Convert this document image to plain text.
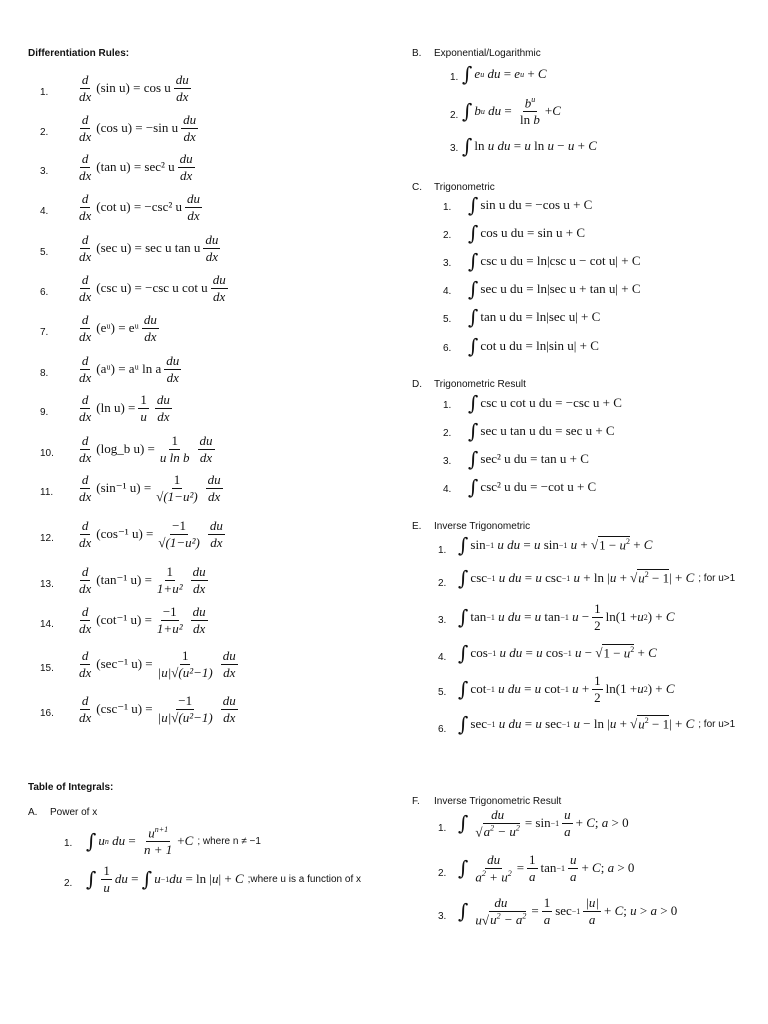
Differentiation Rules:
1. $\frac{d}{dx} (\sin$ u) = cos u $\frac{du}{dx}$
2. $\frac{d}{dx} (\cos$ u) = −sin u $\frac{du}{dx}$
3. $\frac{d}{dx} (\tan$ u) = sec² u $\frac{du}{dx}$
4. $\frac{d}{dx} (\cot$ u) = −csc² u $\frac{du}{dx}$
5. $\frac{d}{dx} (\sec$ u) = sec u tan u $\frac{du}{dx}$
6. $\frac{d}{dx} (\csc$ u) = −csc u cot u $\frac{du}{dx}$
7. $\frac{d}{dx}$ (eᵘ) = eᵘ $\frac{du}{dx}$
8. $\frac{d}{dx}$ (aᵘ) = aᵘ ln a $\frac{du}{dx}$
9. $\frac{d}{dx} (\ln$ $u) = \frac{1}{u} \frac{du}{dx}$
10. $\frac{d}{dx}$ (log_b $u) = \frac{1}{\text{u ln b}} \frac{du}{dx}$
11. $\frac{d}{dx} (\sin^{-1}$ $u) = \frac{1}{\text{√(1−u²)}} \frac{du}{dx}$
12. $\frac{d}{dx} (\cos^{-1}$ $u) = \frac{-1}{\text{√(1−u²)}} \frac{du}{dx}$
13. $\frac{d}{dx} (\tan^{-1}$ $u) = \frac{1}{\text{1+u²}} \frac{du}{dx}$
14. $\frac{d}{dx} (\cot^{-1}$ $u) = \frac{-1}{\text{1+u²}} \frac{du}{dx}$
15. $\frac{d}{dx} (\sec^{-1}$ $u) = \frac{1}{\text{|u|√(u²−1)}} \frac{du}{dx}$
16. $\frac{d}{dx} (\csc^{-1}$ $u) = \frac{-1}{\text{|u|√(u²−1)}} \frac{du}{dx}$
Table of Integrals:
A. Power of x
1. ∫ u n
du = $\frac{u^{n+1}}{n + 1} + C$ ; where n ≠ −1
2. ∫ $\frac{1}{u}$ du = ∫ u −1 du = ln | u | + C ;where u is a function of x
B. Exponential/Logarithmic
1. ∫ e u
du = e u + C
2. ∫ b u
du = $\frac{b^u}{\text{ln b}} + C$
3. ∫ ln u
du = u ln u − u + C
C. Trigonometric
1. ∫ sin u du = −cos u + C
2. ∫ cos u du = sin u + C
3. ∫ csc u du = ln|csc u − cot u| + C
4. ∫ sec u du = ln|sec u + tan u| + C
5. ∫ tan u du = ln|sec u| + C
6. ∫ cot u du = ln|sin u| + C
D. Trigonometric Result
1. ∫ csc u cot u du = −csc u + C
2. ∫ sec u tan u du = sec u + C
3. ∫ sec² u du = tan u + C
4. ∫ csc² u du = −cot u + C
E. Inverse Trigonometric
1. ∫ sin −1
u
du = u sin −1
u + √ $1 - u^2 + C$
2. ∫ csc −1
u
du = u csc −1
u + ln | u + √ $u^2 - 1$ | + C ; for u>1
3. ∫ tan −1
u
du = u tan −1
$u - \frac{1}{2} \ln(1 + u$ 2 ) + C
4. ∫ cos −1
u
du = u cos −1
u − √ $1 - u^2 + C$
5. ∫ cot −1
u
du = u cot −1
$u + \frac{1}{2} \ln(1 + u$ 2 ) + C
6. ∫ sec −1
u
du = u sec −1
u − ln | u + √ $u^2 - 1$ | + C ; for u>1
F. Inverse Trigonometric Result
1. ∫ $\frac{du}{√a^2 - u^2} = \sin -1 \frac{u}{a} + C$ ; a > 0
2. ∫ $\frac{du}{a^2 + u^2} = \frac{1}{a}$ $\tan -1 \frac{u}{a} + C$ ; a > 0
3. ∫ $\frac{du}{u√u^2 - a^2} = \frac{1}{a}$ $\sec -1 \frac{|u|}{a} + C$ ; u > a > 0
